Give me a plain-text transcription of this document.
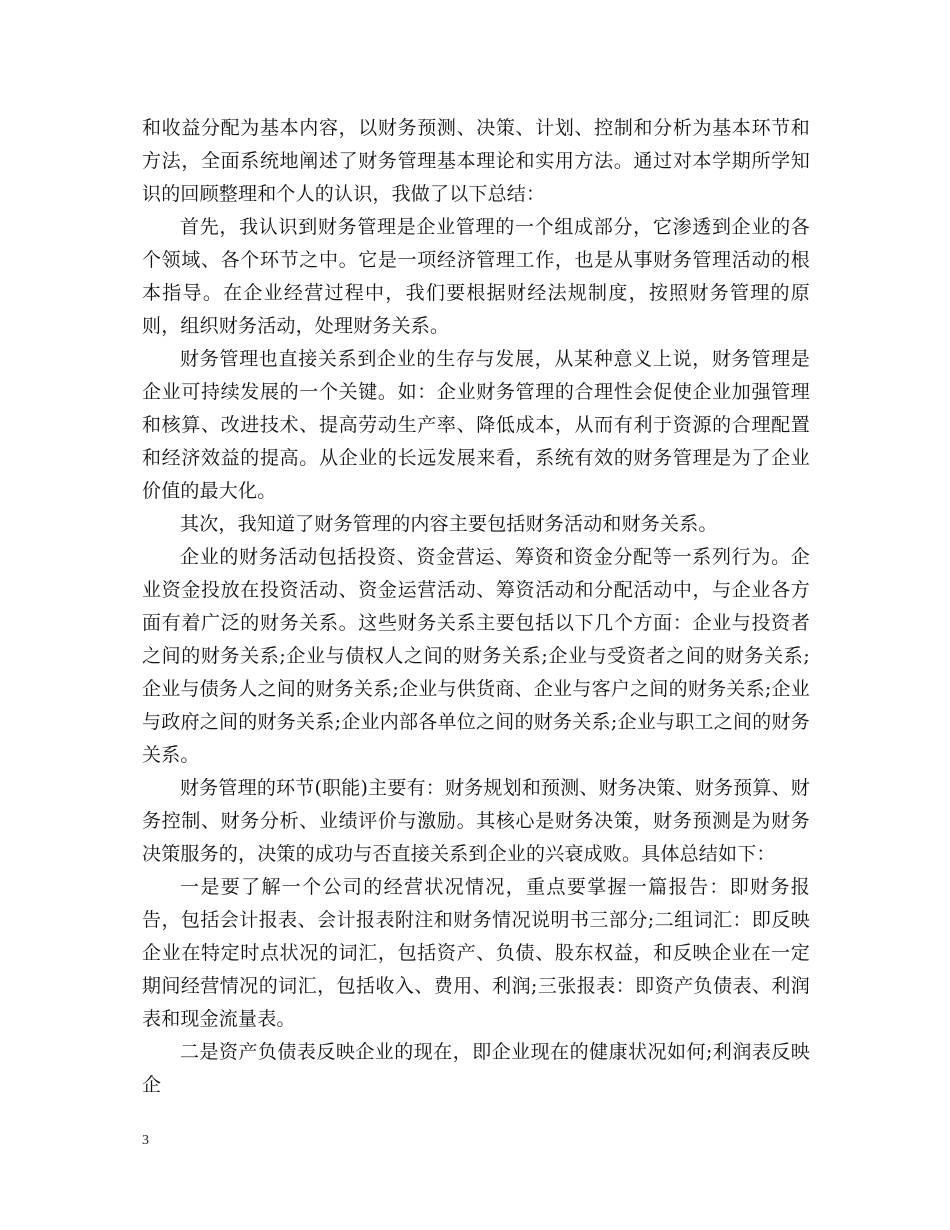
和收益分配为基本内容，以财务预测、决策、计划、控制和分析为基本环节和方法，全面系统地阐述了财务管理基本理论和实用方法。通过对本学期所学知识的回顾整理和个人的认识，我做了以下总结：

首先，我认识到财务管理是企业管理的一个组成部分，它渗透到企业的各个领域、各个环节之中。它是一项经济管理工作，也是从事财务管理活动的根本指导。在企业经营过程中，我们要根据财经法规制度，按照财务管理的原则，组织财务活动，处理财务关系。

财务管理也直接关系到企业的生存与发展，从某种意义上说，财务管理是企业可持续发展的一个关键。如：企业财务管理的合理性会促使企业加强管理和核算、改进技术、提高劳动生产率、降低成本，从而有利于资源的合理配置和经济效益的提高。从企业的长远发展来看，系统有效的财务管理是为了企业价值的最大化。

其次，我知道了财务管理的内容主要包括财务活动和财务关系。

企业的财务活动包括投资、资金营运、筹资和资金分配等一系列行为。企业资金投放在投资活动、资金运营活动、筹资活动和分配活动中，与企业各方面有着广泛的财务关系。这些财务关系主要包括以下几个方面：企业与投资者之间的财务关系;企业与债权人之间的财务关系;企业与受资者之间的财务关系;企业与债务人之间的财务关系;企业与供货商、企业与客户之间的财务关系;企业与政府之间的财务关系;企业内部各单位之间的财务关系;企业与职工之间的财务关系。

财务管理的环节(职能)主要有：财务规划和预测、财务决策、财务预算、财务控制、财务分析、业绩评价与激励。其核心是财务决策，财务预测是为财务决策服务的，决策的成功与否直接关系到企业的兴衰成败。具体总结如下：

一是要了解一个公司的经营状况情况，重点要掌握一篇报告：即财务报告，包括会计报表、会计报表附注和财务情况说明书三部分;二组词汇：即反映企业在特定时点状况的词汇，包括资产、负债、股东权益，和反映企业在一定期间经营情况的词汇，包括收入、费用、利润;三张报表：即资产负债表、利润表和现金流量表。

二是资产负债表反映企业的现在，即企业现在的健康状况如何;利润表反映企

3
